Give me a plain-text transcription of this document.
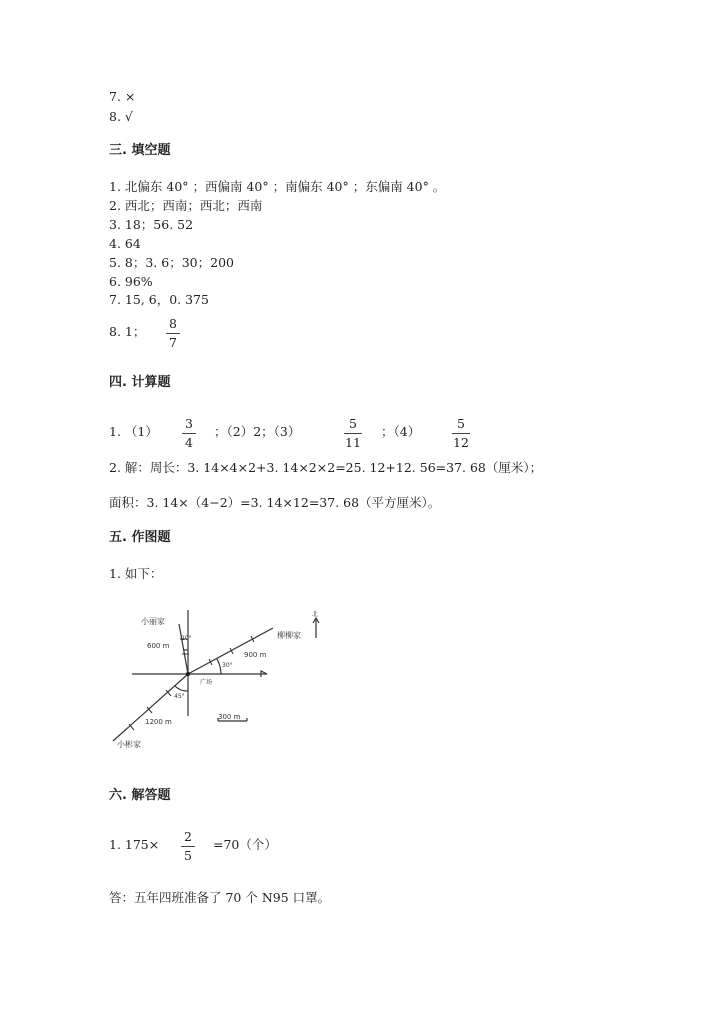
7. ×
8. √
三. 填空题
1. 北偏东 40° ；西偏南 40° ；南偏东 40° ；东偏南 40° 。
2. 西北；西南；西北；西南
3. 18；56. 52
4. 64
5. 8；3. 6；30；200
6. 96%
7. 15, 6，0. 375
8. 1； $\frac{8}{7}$
四. 计算题
1. $(1) \frac{3}{4}$ ；（2）2；（3）	$\frac{5}{11}$ ；（4）	$\frac{5}{12}$
2. 解：周长：3. 14×4×2+3. 14×2×2=25. 12+12. 56=37. 68（厘米）；
面积：3. 14×（4−2）=3. 14×12=37. 68（平方厘米）。
五. 作图题
1. 如下：
小丽家
柳柳家
小彬家
广场
北
600 m
900 m
1200 m
300 m
20°
30°
45°
六. 解答题
1. $175\times \frac{2}{5} =70$（个）
答：五年四班准备了 70 个 N95 口罩。
